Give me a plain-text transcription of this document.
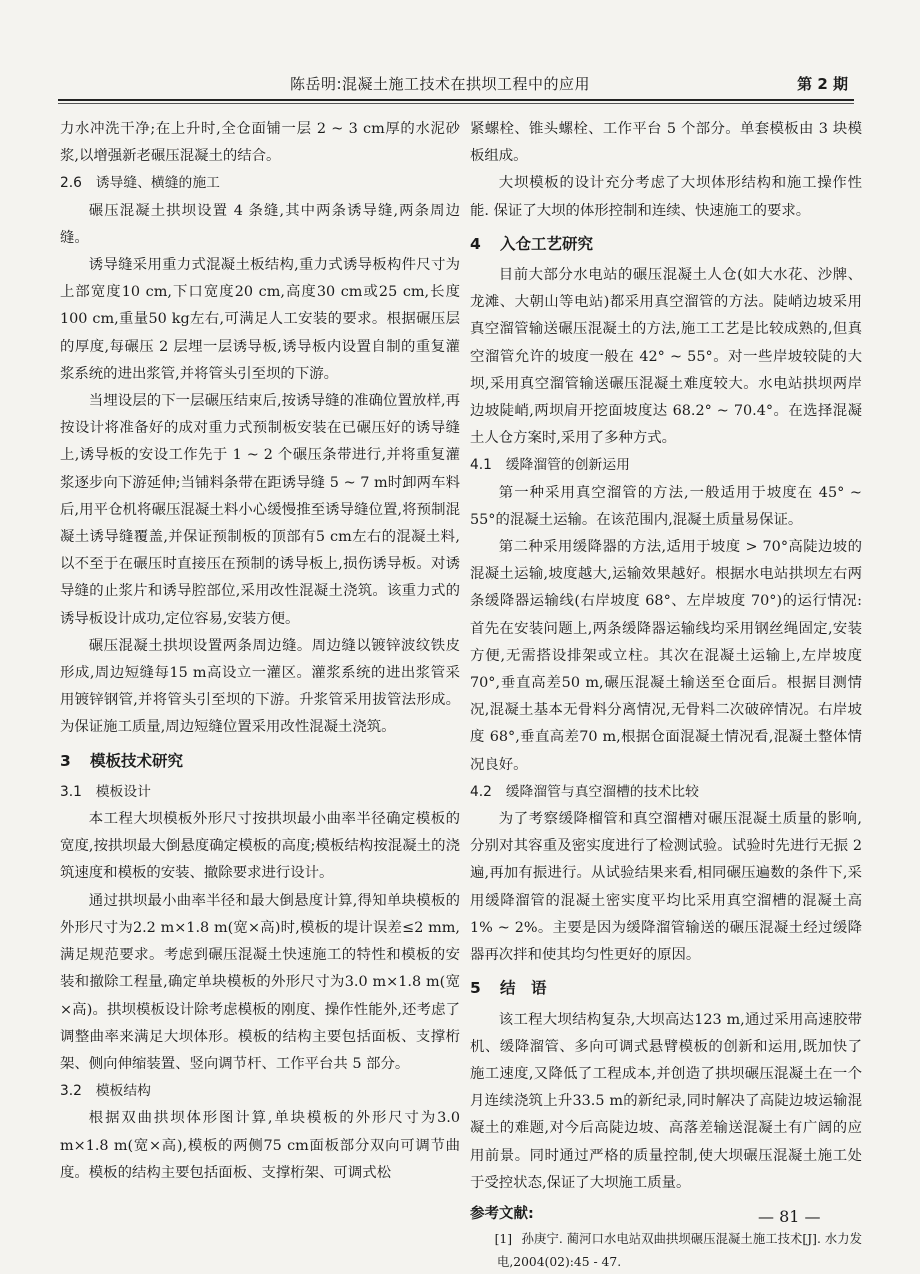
陈岳明:混凝土施工技术在拱坝工程中的应用	第 2 期

力水冲洗干净;在上升时,全仓面铺一层 2 ~ 3 cm厚的水泥砂浆,以增强新老碾压混凝土的结合。

2.6　诱导缝、横缝的施工

碾压混凝土拱坝设置 4 条缝,其中两条诱导缝,两条周边缝。

诱导缝采用重力式混凝土板结构,重力式诱导板构件尺寸为上部宽度10 cm,下口宽度20 cm,高度30 cm或25 cm,长度100 cm,重量50 kg左右,可满足人工安装的要求。根据碾压层的厚度,每碾压 2 层埋一层诱导板,诱导板内设置自制的重复灌浆系统的进出浆管,并将管头引至坝的下游。

当埋设层的下一层碾压结束后,按诱导缝的准确位置放样,再按设计将准备好的成对重力式预制板安装在已碾压好的诱导缝上,诱导板的安设工作先于 1 ~ 2 个碾压条带进行,并将重复灌浆逐步向下游延伸;当铺料条带在距诱导缝 5 ~ 7 m时卸两车料后,用平仓机将碾压混凝土料小心缓慢推至诱导缝位置,将预制混凝土诱导缝覆盖,并保证预制板的顶部有5 cm左右的混凝土料,以不至于在碾压时直接压在预制的诱导板上,损伤诱导板。对诱导缝的止浆片和诱导腔部位,采用改性混凝土浇筑。该重力式的诱导板设计成功,定位容易,安装方便。

碾压混凝土拱坝设置两条周边缝。周边缝以镀锌波纹铁皮形成,周边短缝每15 m高设立一灌区。灌浆系统的进出浆管采用镀锌钢管,并将管头引至坝的下游。升浆管采用拔管法形成。为保证施工质量,周边短缝位置采用改性混凝土浇筑。

3 模板技术研究
3.1　模板设计

本工程大坝模板外形尺寸按拱坝最小曲率半径确定模板的宽度,按拱坝最大倒悬度确定模板的高度;模板结构按混凝土的浇筑速度和模板的安装、撤除要求进行设计。

通过拱坝最小曲率半径和最大倒悬度计算,得知单块模板的外形尺寸为2.2 m×1.8 m(宽×高)时,模板的堤计误差≤2 mm,满足规范要求。考虑到碾压混凝土快速施工的特性和模板的安装和撤除工程量,确定单块模板的外形尺寸为3.0 m×1.8 m(宽×高)。拱坝模板设计除考虑模板的刚度、操作性能外,还考虑了调整曲率来满足大坝体形。模板的结构主要包括面板、支撑桁架、侧向伸缩装置、竖向调节杆、工作平台共 5 部分。

3.2　模板结构

根据双曲拱坝体形图计算,单块模板的外形尺寸为3.0 m×1.8 m(宽×高),模板的两侧75 cm面板部分双向可调节曲度。模板的结构主要包括面板、支撑桁架、可调式松

紧螺栓、锥头螺栓、工作平台 5 个部分。单套模板由 3 块模板组成。

大坝模板的设计充分考虑了大坝体形结构和施工操作性能. 保证了大坝的体形控制和连续、快速施工的要求。

4 入仓工艺研究

目前大部分水电站的碾压混凝土人仓(如大水花、沙牌、龙滩、大朝山等电站)都采用真空溜管的方法。陡峭边坡采用真空溜管输送碾压混凝土的方法,施工工艺是比较成熟的,但真空溜管允许的坡度一般在 42° ~ 55°。对一些岸坡较陡的大坝,采用真空溜管输送碾压混凝土难度较大。水电站拱坝两岸边坡陡峭,两坝肩开挖面坡度达 68.2° ~ 70.4°。在选择混凝土人仓方案时,采用了多种方式。

4.1　缓降溜管的创新运用

第一种采用真空溜管的方法,一般适用于坡度在 45° ~ 55°的混凝土运输。在该范围内,混凝土质量易保证。

第二种采用缓降器的方法,适用于坡度 > 70°高陡边坡的混凝土运输,坡度越大,运输效果越好。根据水电站拱坝左右两条缓降器运输线(右岸坡度 68°、左岸坡度 70°)的运行情况:首先在安装问题上,两条缓降器运输线均采用钢丝绳固定,安装方便,无需搭设排架或立柱。其次在混凝土运输上,左岸坡度 70°,垂直高差50 m,碾压混凝土输送至仓面后。根据目测情况,混凝土基本无骨料分离情况,无骨料二次破碎情况。右岸坡度 68°,垂直高差70 m,根据仓面混凝土情况看,混凝土整体情况良好。

4.2　缓降溜管与真空溜槽的技术比较

为了考察缓降榴管和真空溜槽对碾压混凝土质量的影响,分别对其容重及密实度进行了检测试验。试验时先进行无振 2 遍,再加有振进行。从试验结果来看,相同碾压遍数的条件下,采用缓降溜管的混凝土密实度平均比采用真空溜槽的混凝土高 1% ~ 2%。主要是因为缓降溜管输送的碾压混凝土经过缓降器再次拌和使其均匀性更好的原因。

5 结　语

该工程大坝结构复杂,大坝高达123 m,通过采用高速胶带机、缓降溜管、多向可调式悬臂模板的创新和运用,既加快了施工速度,又降低了工程成本,并创造了拱坝碾压混凝土在一个月连续浇筑上升33.5 m的新纪录,同时解决了高陡边坡运输混凝土的难题,对今后高陡边坡、高落差输送混凝土有广阔的应用前景。同时通过严格的质量控制,使大坝碾压混凝土施工处于受控状态,保证了大坝施工质量。

参考文献:

[1] 孙庚宁. 蔺河口水电站双曲拱坝碾压混凝土施工技术[J]. 水力发电,2004(02):45 - 47.

— 81 —
